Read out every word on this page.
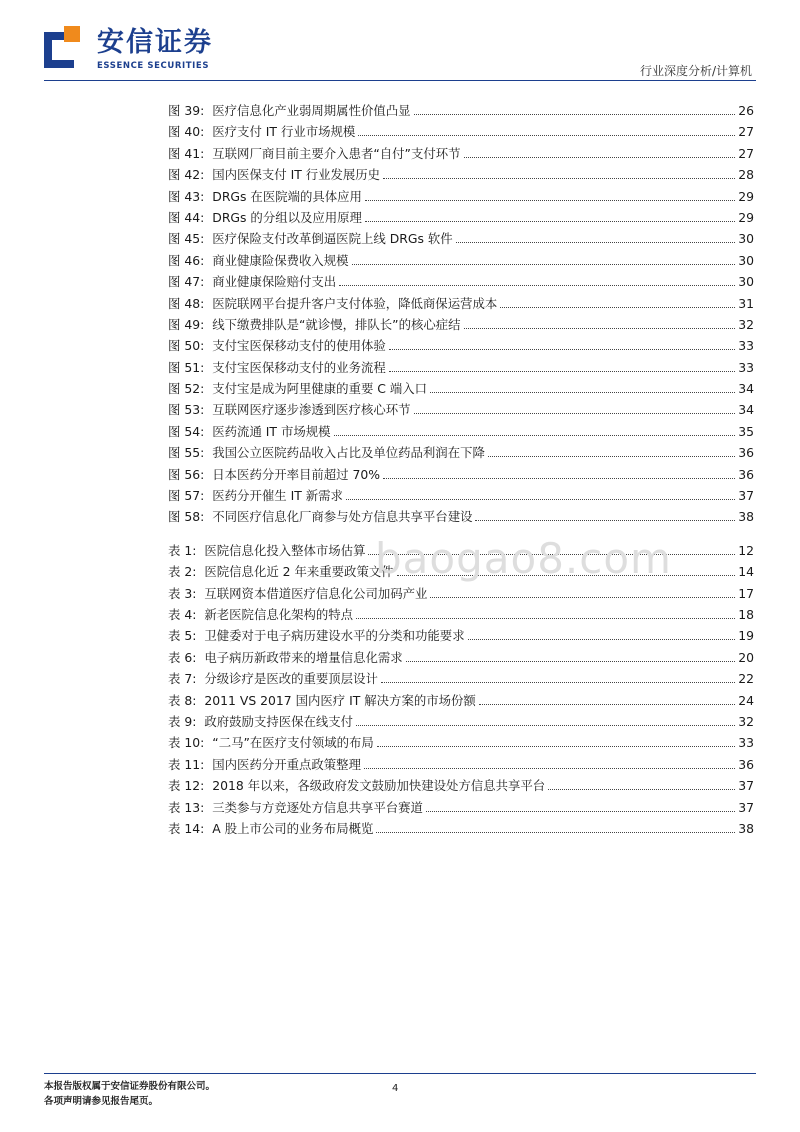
安信证券
ESSENCE SECURITIES	行业深度分析/计算机
图 39: 医疗信息化产业弱周期属性价值凸显	26
图 40: 医疗支付 IT 行业市场规模	27
图 41: 互联网厂商目前主要介入患者“自付”支付环节	27
图 42: 国内医保支付 IT 行业发展历史	28
图 43: DRGs 在医院端的具体应用	29
图 44: DRGs 的分组以及应用原理	29
图 45: 医疗保险支付改革倒逼医院上线 DRGs 软件	30
图 46: 商业健康险保费收入规模	30
图 47: 商业健康保险赔付支出	30
图 48: 医院联网平台提升客户支付体验，降低商保运营成本	31
图 49: 线下缴费排队是“就诊慢，排队长”的核心症结	32
图 50: 支付宝医保移动支付的使用体验	33
图 51: 支付宝医保移动支付的业务流程	33
图 52: 支付宝是成为阿里健康的重要 C 端入口	34
图 53: 互联网医疗逐步渗透到医疗核心环节	34
图 54: 医药流通 IT 市场规模	35
图 55: 我国公立医院药品收入占比及单位药品利润在下降	36
图 56: 日本医药分开率目前超过 70%	36
图 57: 医药分开催生 IT 新需求	37
图 58: 不同医疗信息化厂商参与处方信息共享平台建设	38
表 1: 医院信息化投入整体市场估算	12
表 2: 医院信息化近 2 年来重要政策文件	14
表 3: 互联网资本借道医疗信息化公司加码产业	17
表 4: 新老医院信息化架构的特点	18
表 5: 卫健委对于电子病历建设水平的分类和功能要求	19
表 6: 电子病历新政带来的增量信息化需求	20
表 7: 分级诊疗是医改的重要顶层设计	22
表 8: 2011 VS 2017 国内医疗 IT 解决方案的市场份额	24
表 9: 政府鼓励支持医保在线支付	32
表 10: “二马”在医疗支付领域的布局	33
表 11: 国内医药分开重点政策整理	36
表 12: 2018 年以来，各级政府发文鼓励加快建设处方信息共享平台	37
表 13: 三类参与方竞逐处方信息共享平台赛道	37
表 14: A 股上市公司的业务布局概览	38
baogao8.com
本报告版权属于安信证券股份有限公司。
各项声明请参见报告尾页。
4
